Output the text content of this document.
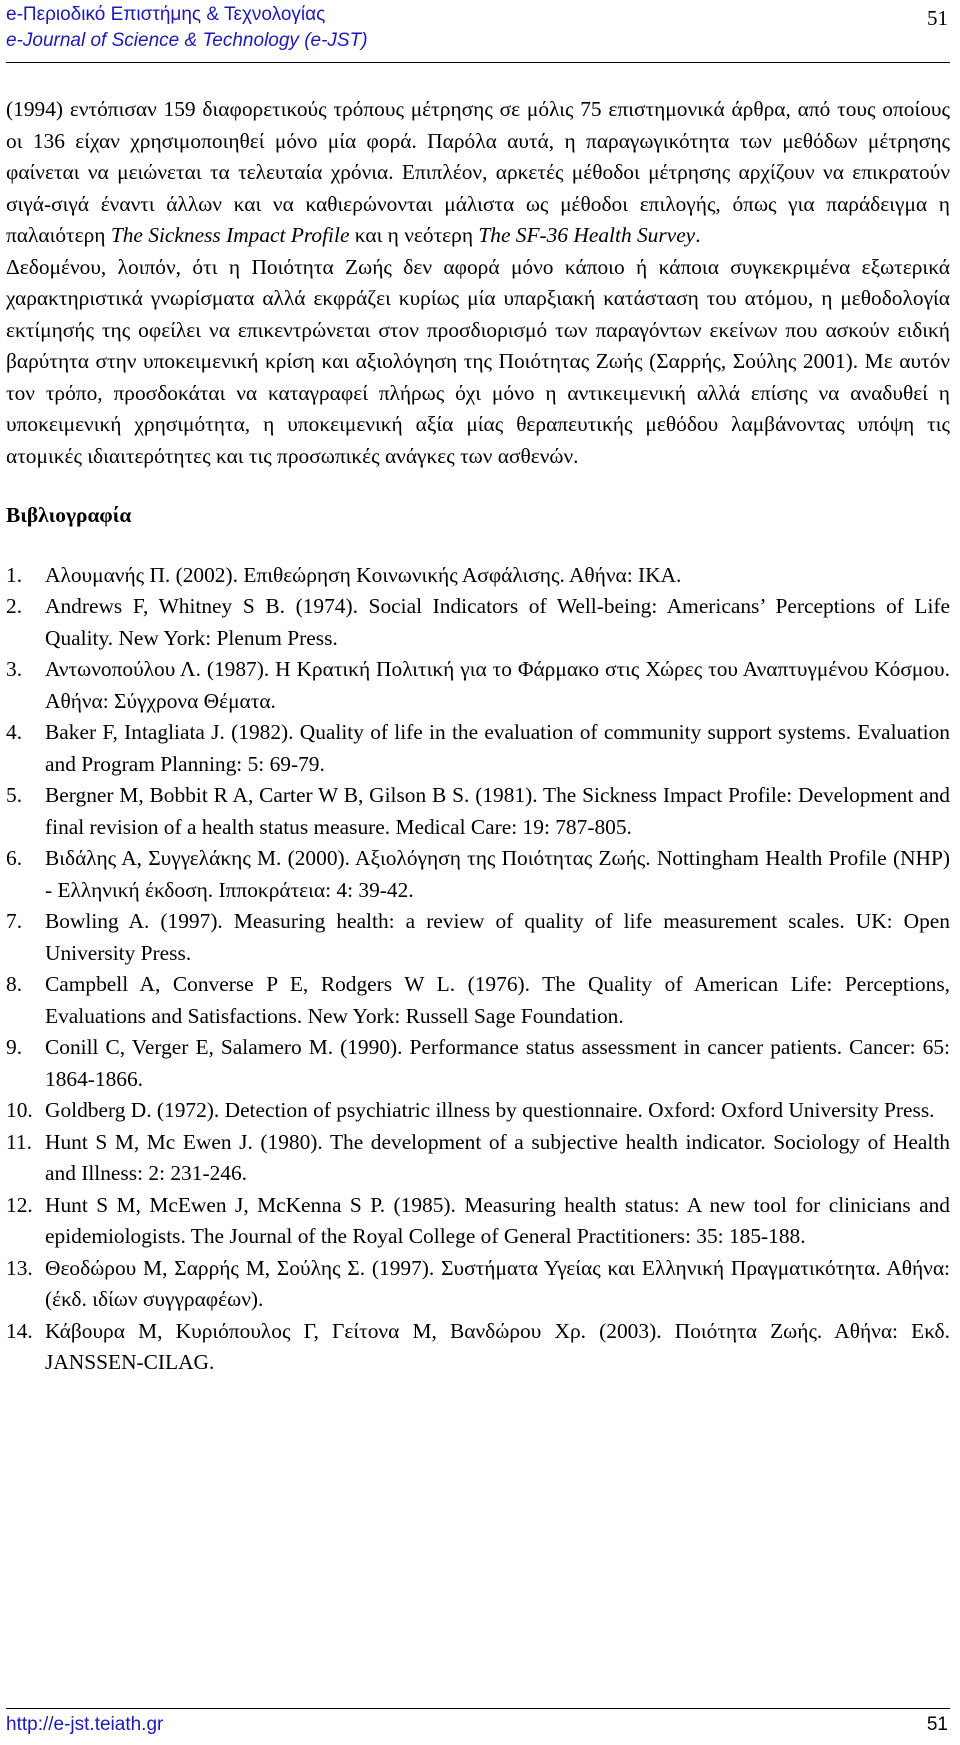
e-Περιοδικό Επιστήμης & Τεχνολογίας
e-Journal of Science & Technology (e-JST)
51

(1994) εντόπισαν 159 διαφορετικούς τρόπους μέτρησης σε μόλις 75 επιστημονικά άρθρα, από τους οποίους οι 136 είχαν χρησιμοποιηθεί μόνο μία φορά. Παρόλα αυτά, η παραγωγικότητα των μεθόδων μέτρησης φαίνεται να μειώνεται τα τελευταία χρόνια. Επιπλέον, αρκετές μέθοδοι μέτρησης αρχίζουν να επικρατούν σιγά-σιγά έναντι άλλων και να καθιερώνονται μάλιστα ως μέθοδοι επιλογής, όπως για παράδειγμα η παλαιότερη The Sickness Impact Profile και η νεότερη The SF-36 Health Survey.

Δεδομένου, λοιπόν, ότι η Ποιότητα Ζωής δεν αφορά μόνο κάποιο ή κάποια συγκεκριμένα εξωτερικά χαρακτηριστικά γνωρίσματα αλλά εκφράζει κυρίως μία υπαρξιακή κατάσταση του ατόμου, η μεθοδολογία εκτίμησής της οφείλει να επικεντρώνεται στον προσδιορισμό των παραγόντων εκείνων που ασκούν ειδική βαρύτητα στην υποκειμενική κρίση και αξιολόγηση της Ποιότητας Ζωής (Σαρρής, Σούλης 2001). Με αυτόν τον τρόπο, προσδοκάται να καταγραφεί πλήρως όχι μόνο η αντικειμενική αλλά επίσης να αναδυθεί η υποκειμενική χρησιμότητα, η υποκειμενική αξία μίας θεραπευτικής μεθόδου λαμβάνοντας υπόψη τις ατομικές ιδιαιτερότητες και τις προσωπικές ανάγκες των ασθενών.

Βιβλιογραφία
1.	Αλουμανής Π. (2002). Επιθεώρηση Κοινωνικής Ασφάλισης. Αθήνα: ΙΚΑ.
2.	Andrews F, Whitney S B. (1974). Social Indicators of Well-being: Americans’ Perceptions of Life Quality. New York: Plenum Press.
3.	Αντωνοπούλου Λ. (1987). Η Κρατική Πολιτική για το Φάρμακο στις Χώρες του Αναπτυγμένου Κόσμου. Αθήνα: Σύγχρονα Θέματα.
4.	Baker F, Intagliata J. (1982). Quality of life in the evaluation of community support systems. Evaluation and Program Planning: 5: 69-79.
5.	Bergner M, Bobbit R A, Carter W B, Gilson B S. (1981). The Sickness Impact Profile: Development and final revision of a health status measure. Medical Care: 19: 787-805.
6.	Βιδάλης Α, Συγγελάκης Μ. (2000). Αξιολόγηση της Ποιότητας Ζωής. Nottingham Health Profile (NHP) - Ελληνική έκδοση. Ιπποκράτεια: 4: 39-42.
7.	Bowling A. (1997). Measuring health: a review of quality of life measurement scales. UK: Open University Press.
8.	Campbell A, Converse P E, Rodgers W L. (1976). The Quality of American Life: Perceptions, Evaluations and Satisfactions. New York: Russell Sage Foundation.
9.	Conill C, Verger E, Salamero M. (1990). Performance status assessment in cancer patients. Cancer: 65: 1864-1866.
10. Goldberg D. (1972). Detection of psychiatric illness by questionnaire. Oxford: Oxford University Press.
11. Hunt S M, Mc Ewen J. (1980). The development of a subjective health indicator. Sociology of Health and Illness: 2: 231-246.
12. Hunt S M, McEwen J, McKenna S P. (1985). Measuring health status: A new tool for clinicians and epidemiologists. The Journal of the Royal College of General Practitioners: 35: 185-188.
13. Θεοδώρου Μ, Σαρρής Μ, Σούλης Σ. (1997). Συστήματα Υγείας και Ελληνική Πραγματικότητα. Αθήνα: (έκδ. ιδίων συγγραφέων).
14. Κάβουρα Μ, Κυριόπουλος Γ, Γείτονα Μ, Βανδώρου Χρ. (2003). Ποιότητα Ζωής. Αθήνα: Εκδ. JANSSEN-CILAG.
http://e-jst.teiath.gr	51
